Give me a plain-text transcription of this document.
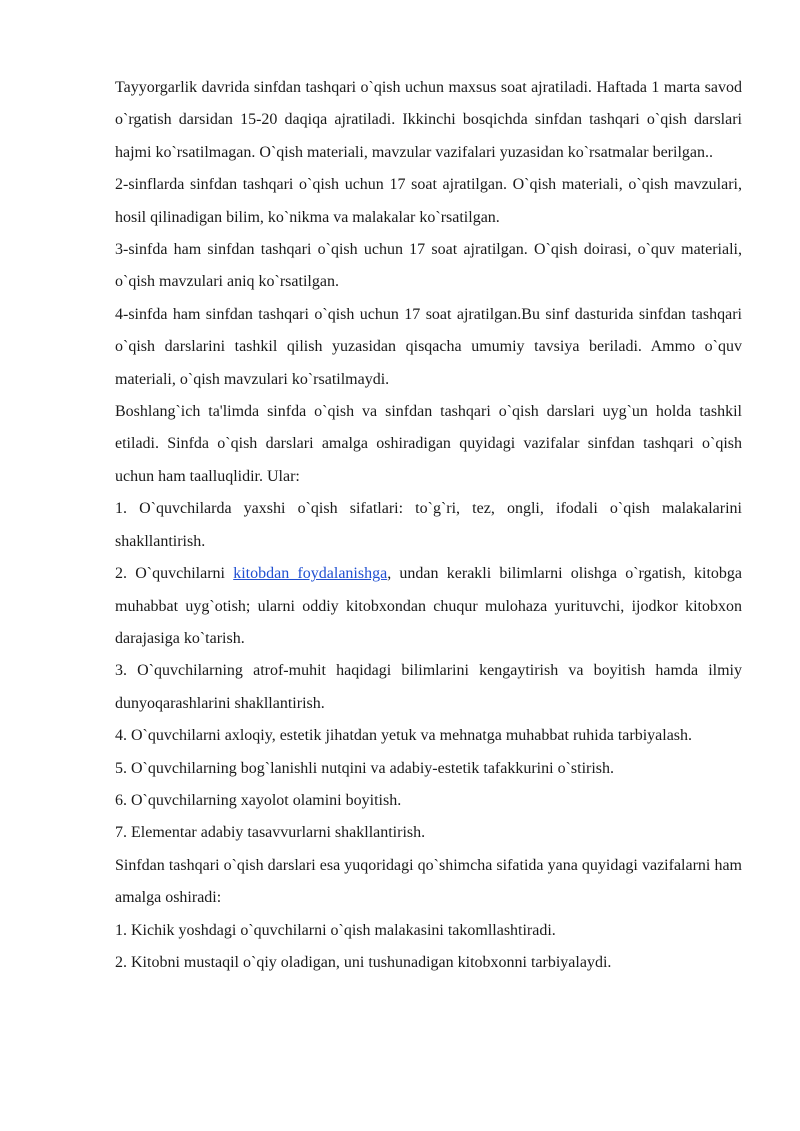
Tayyorgarlik davrida sinfdan tashqari o`qish uchun maxsus soat ajratiladi. Haftada 1 marta savod o`rgatish darsidan 15-20 daqiqa ajratiladi. Ikkinchi bosqichda sinfdan tashqari o`qish darslari hajmi ko`rsatilmagan. O`qish materiali, mavzular vazifalari yuzasidan ko`rsatmalar berilgan..

2-sinflarda sinfdan tashqari o`qish uchun 17 soat ajratilgan. O`qish materiali, o`qish mavzulari, hosil qilinadigan bilim, ko`nikma va malakalar ko`rsatilgan.

3-sinfda ham sinfdan tashqari o`qish uchun 17 soat ajratilgan. O`qish doirasi, o`quv materiali, o`qish mavzulari aniq ko`rsatilgan.

4-sinfda ham sinfdan tashqari o`qish uchun 17 soat ajratilgan.Bu sinf dasturida sinfdan tashqari o`qish darslarini tashkil qilish yuzasidan qisqacha umumiy tavsiya beriladi. Ammo o`quv materiali, o`qish mavzulari ko`rsatilmaydi.

Boshlang`ich ta'limda sinfda o`qish va sinfdan tashqari o`qish darslari uyg`un holda tashkil etiladi. Sinfda o`qish darslari amalga oshiradigan quyidagi vazifalar sinfdan tashqari o`qish uchun ham taalluqlidir. Ular:

1. O`quvchilarda yaxshi o`qish sifatlari: to`g`ri, tez, ongli, ifodali o`qish malakalarini shakllantirish.

2. O`quvchilarni kitobdan foydalanishga, undan kerakli bilimlarni olishga o`rgatish, kitobga muhabbat uyg`otish; ularni oddiy kitobxondan chuqur mulohaza yurituvchi, ijodkor kitobxon darajasiga ko`tarish.

3. O`quvchilarning atrof-muhit haqidagi bilimlarini kengaytirish va boyitish hamda ilmiy dunyoqarashlarini shakllantirish.

4. O`quvchilarni axloqiy, estetik jihatdan yetuk va mehnatga muhabbat ruhida tarbiyalash.

5. O`quvchilarning bog`lanishli nutqini va adabiy-estetik tafakkurini o`stirish.

6. O`quvchilarning xayolot olamini boyitish.

7. Elementar adabiy tasavvurlarni shakllantirish.

Sinfdan tashqari o`qish darslari esa yuqoridagi qo`shimcha sifatida yana quyidagi vazifalarni ham amalga oshiradi:

1. Kichik yoshdagi o`quvchilarni o`qish malakasini takomllashtiradi.

2. Kitobni mustaqil o`qiy oladigan, uni tushunadigan kitobxonni tarbiyalaydi.
